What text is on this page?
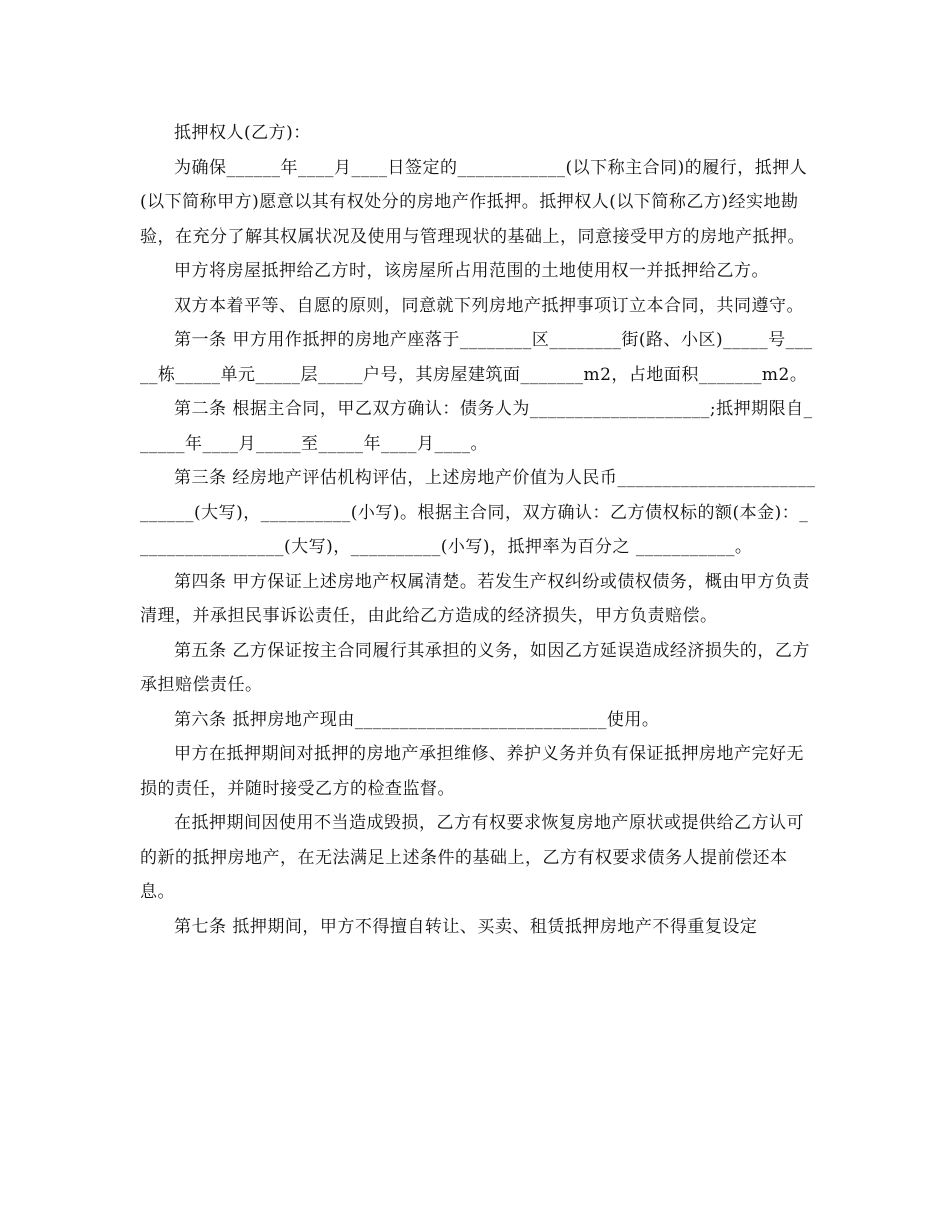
抵押权人(乙方)：

为确保______年____月____日签定的____________(以下称主合同)的履行，抵押人(以下简称甲方)愿意以其有权处分的房地产作抵押。抵押权人(以下简称乙方)经实地勘验，在充分了解其权属状况及使用与管理现状的基础上，同意接受甲方的房地产抵押。

甲方将房屋抵押给乙方时，该房屋所占用范围的土地使用权一并抵押给乙方。

双方本着平等、自愿的原则，同意就下列房地产抵押事项订立本合同，共同遵守。

第一条 甲方用作抵押的房地产座落于________区________街(路、小区)_____号_____栋_____单元_____层_____户号，其房屋建筑面_______m2，占地面积_______m2。

第二条 根据主合同，甲乙双方确认：债务人为____________________;抵押期限自______年____月_____至_____年____月____。

第三条 经房地产评估机构评估，上述房地产价值为人民币____________________________(大写)，__________(小写)。根据主合同，双方确认：乙方债权标的额(本金)：_________________(大写)，__________(小写)，抵押率为百分之 ___________。

第四条 甲方保证上述房地产权属清楚。若发生产权纠纷或债权债务，概由甲方负责清理，并承担民事诉讼责任，由此给乙方造成的经济损失，甲方负责赔偿。

第五条 乙方保证按主合同履行其承担的义务，如因乙方延误造成经济损失的，乙方承担赔偿责任。

第六条 抵押房地产现由____________________________使用。

甲方在抵押期间对抵押的房地产承担维修、养护义务并负有保证抵押房地产完好无损的责任，并随时接受乙方的检查监督。

在抵押期间因使用不当造成毁损，乙方有权要求恢复房地产原状或提供给乙方认可的新的抵押房地产，在无法满足上述条件的基础上，乙方有权要求债务人提前偿还本息。

第七条 抵押期间，甲方不得擅自转让、买卖、租赁抵押房地产不得重复设定
